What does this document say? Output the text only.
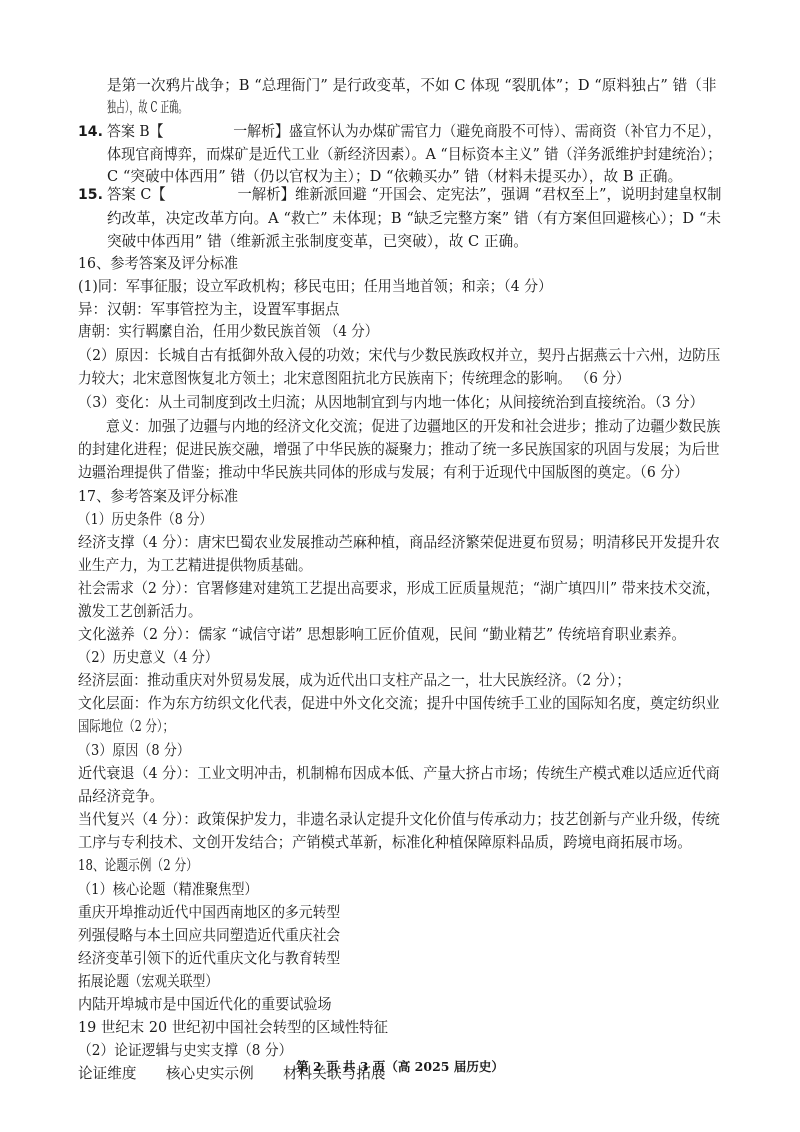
是第一次鸦片战争；B “总理衙门” 是行政变革，不如 C 体现 “裂肌体”；D “原料独占” 错（非
独占），故 C 正确。
答案 B【　　　　　一解析】盛宣怀认为办煤矿需官力（避免商股不可恃）、需商资（补官力不足），
体现官商博弈，而煤矿是近代工业（新经济因素）。A “目标资本主义” 错（洋务派维护封建统治）；
C “突破中体西用” 错（仍以官权为主）；D “依赖买办” 错（材料未提买办），故 B 正确。
答案 C【　　　　　一解析】维新派回避 “开国会、定宪法”，强调 “君权至上”，说明封建皇权制
约改革，决定改革方向。A “救亡” 未体现；B “缺乏完整方案” 错（有方案但回避核心）；D “未
突破中体西用” 错（维新派主张制度变革，已突破），故 C 正确。
16、参考答案及评分标准
(1)同：军事征服；设立军政机构；移民屯田；任用当地首领；和亲；（4 分）
异：汉朝：军事管控为主，设置军事据点
唐朝：实行羁縻自治，任用少数民族首领 （4 分）
（2）原因：长城自古有抵御外敌入侵的功效；宋代与少数民族政权并立，契丹占据燕云十六州，边防压
力较大；北宋意图恢复北方领土；北宋意图阻抗北方民族南下；传统理念的影响。 （6 分）
（3）变化：从土司制度到改土归流；从因地制宜到与内地一体化；从间接统治到直接统治。（3 分）
意义：加强了边疆与内地的经济文化交流；促进了边疆地区的开发和社会进步；推动了边疆少数民族
的封建化进程；促进民族交融，增强了中华民族的凝聚力；推动了统一多民族国家的巩固与发展；为后世
边疆治理提供了借鉴；推动中华民族共同体的形成与发展；有利于近现代中国版图的奠定。（6 分）
17、参考答案及评分标准
（1）历史条件（8 分）
经济支撑（4 分）：唐宋巴蜀农业发展推动苎麻种植，商品经济繁荣促进夏布贸易；明清移民开发提升农
业生产力，为工艺精进提供物质基础。
社会需求（2 分）：官署修建对建筑工艺提出高要求，形成工匠质量规范；“湖广填四川” 带来技术交流，
激发工艺创新活力。
文化滋养（2 分）：儒家 “诚信守诺” 思想影响工匠价值观，民间 “勤业精艺” 传统培育职业素养。
（2）历史意义（4 分）
经济层面：推动重庆对外贸易发展，成为近代出口支柱产品之一，壮大民族经济。（2 分）；
文化层面：作为东方纺织文化代表，促进中外文化交流；提升中国传统手工业的国际知名度，奠定纺织业
国际地位（2 分）；
（3）原因（8 分）
近代衰退（4 分）：工业文明冲击，机制棉布因成本低、产量大挤占市场；传统生产模式难以适应近代商
品经济竞争。
当代复兴（4 分）：政策保护发力，非遗名录认定提升文化价值与传承动力；技艺创新与产业升级，传统
工序与专利技术、文创开发结合；产销模式革新，标准化种植保障原料品质，跨境电商拓展市场。
18、论题示例（2 分）
（1）核心论题（精准聚焦型）
重庆开埠推动近代中国西南地区的多元转型
列强侵略与本土回应共同塑造近代重庆社会
经济变革引领下的近代重庆文化与教育转型
拓展论题（宏观关联型）
内陆开埠城市是中国近代化的重要试验场
19 世纪末 20 世纪初中国社会转型的区域性特征
（2）论证逻辑与史实支撑（8 分）
论证维度　　核心史实示例　　材料关联与拓展
14.
15.
第 2 页 共 3 页（高 2025 届历史）
